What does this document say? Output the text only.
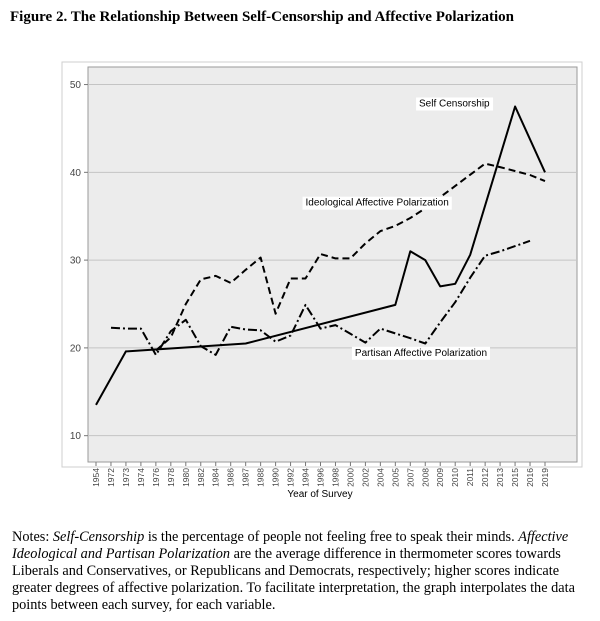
Figure 2. The Relationship Between Self-Censorship and Affective Polarization
10
20
30
40
50
1954 1972 1973 1974 1976 1978 1980 1982 1984 1986 1987 1988 1990 1992 1994 1996 1998 2000 2002 2004 2005 2007 2008 2009 2010 2011 2012 2013 2015 2016 2019
Self Censorship
Ideological Affective Polarization
Partisan Affective Polarization
Year of Survey
Notes: Self-Censorship is the percentage of people not feeling free to speak their minds. Affective Ideological and Partisan Polarization are the average difference in thermometer scores towards Liberals and Conservatives, or Republicans and Democrats, respectively; higher scores indicate greater degrees of affective polarization. To facilitate interpretation, the graph interpolates the data points between each survey, for each variable.
